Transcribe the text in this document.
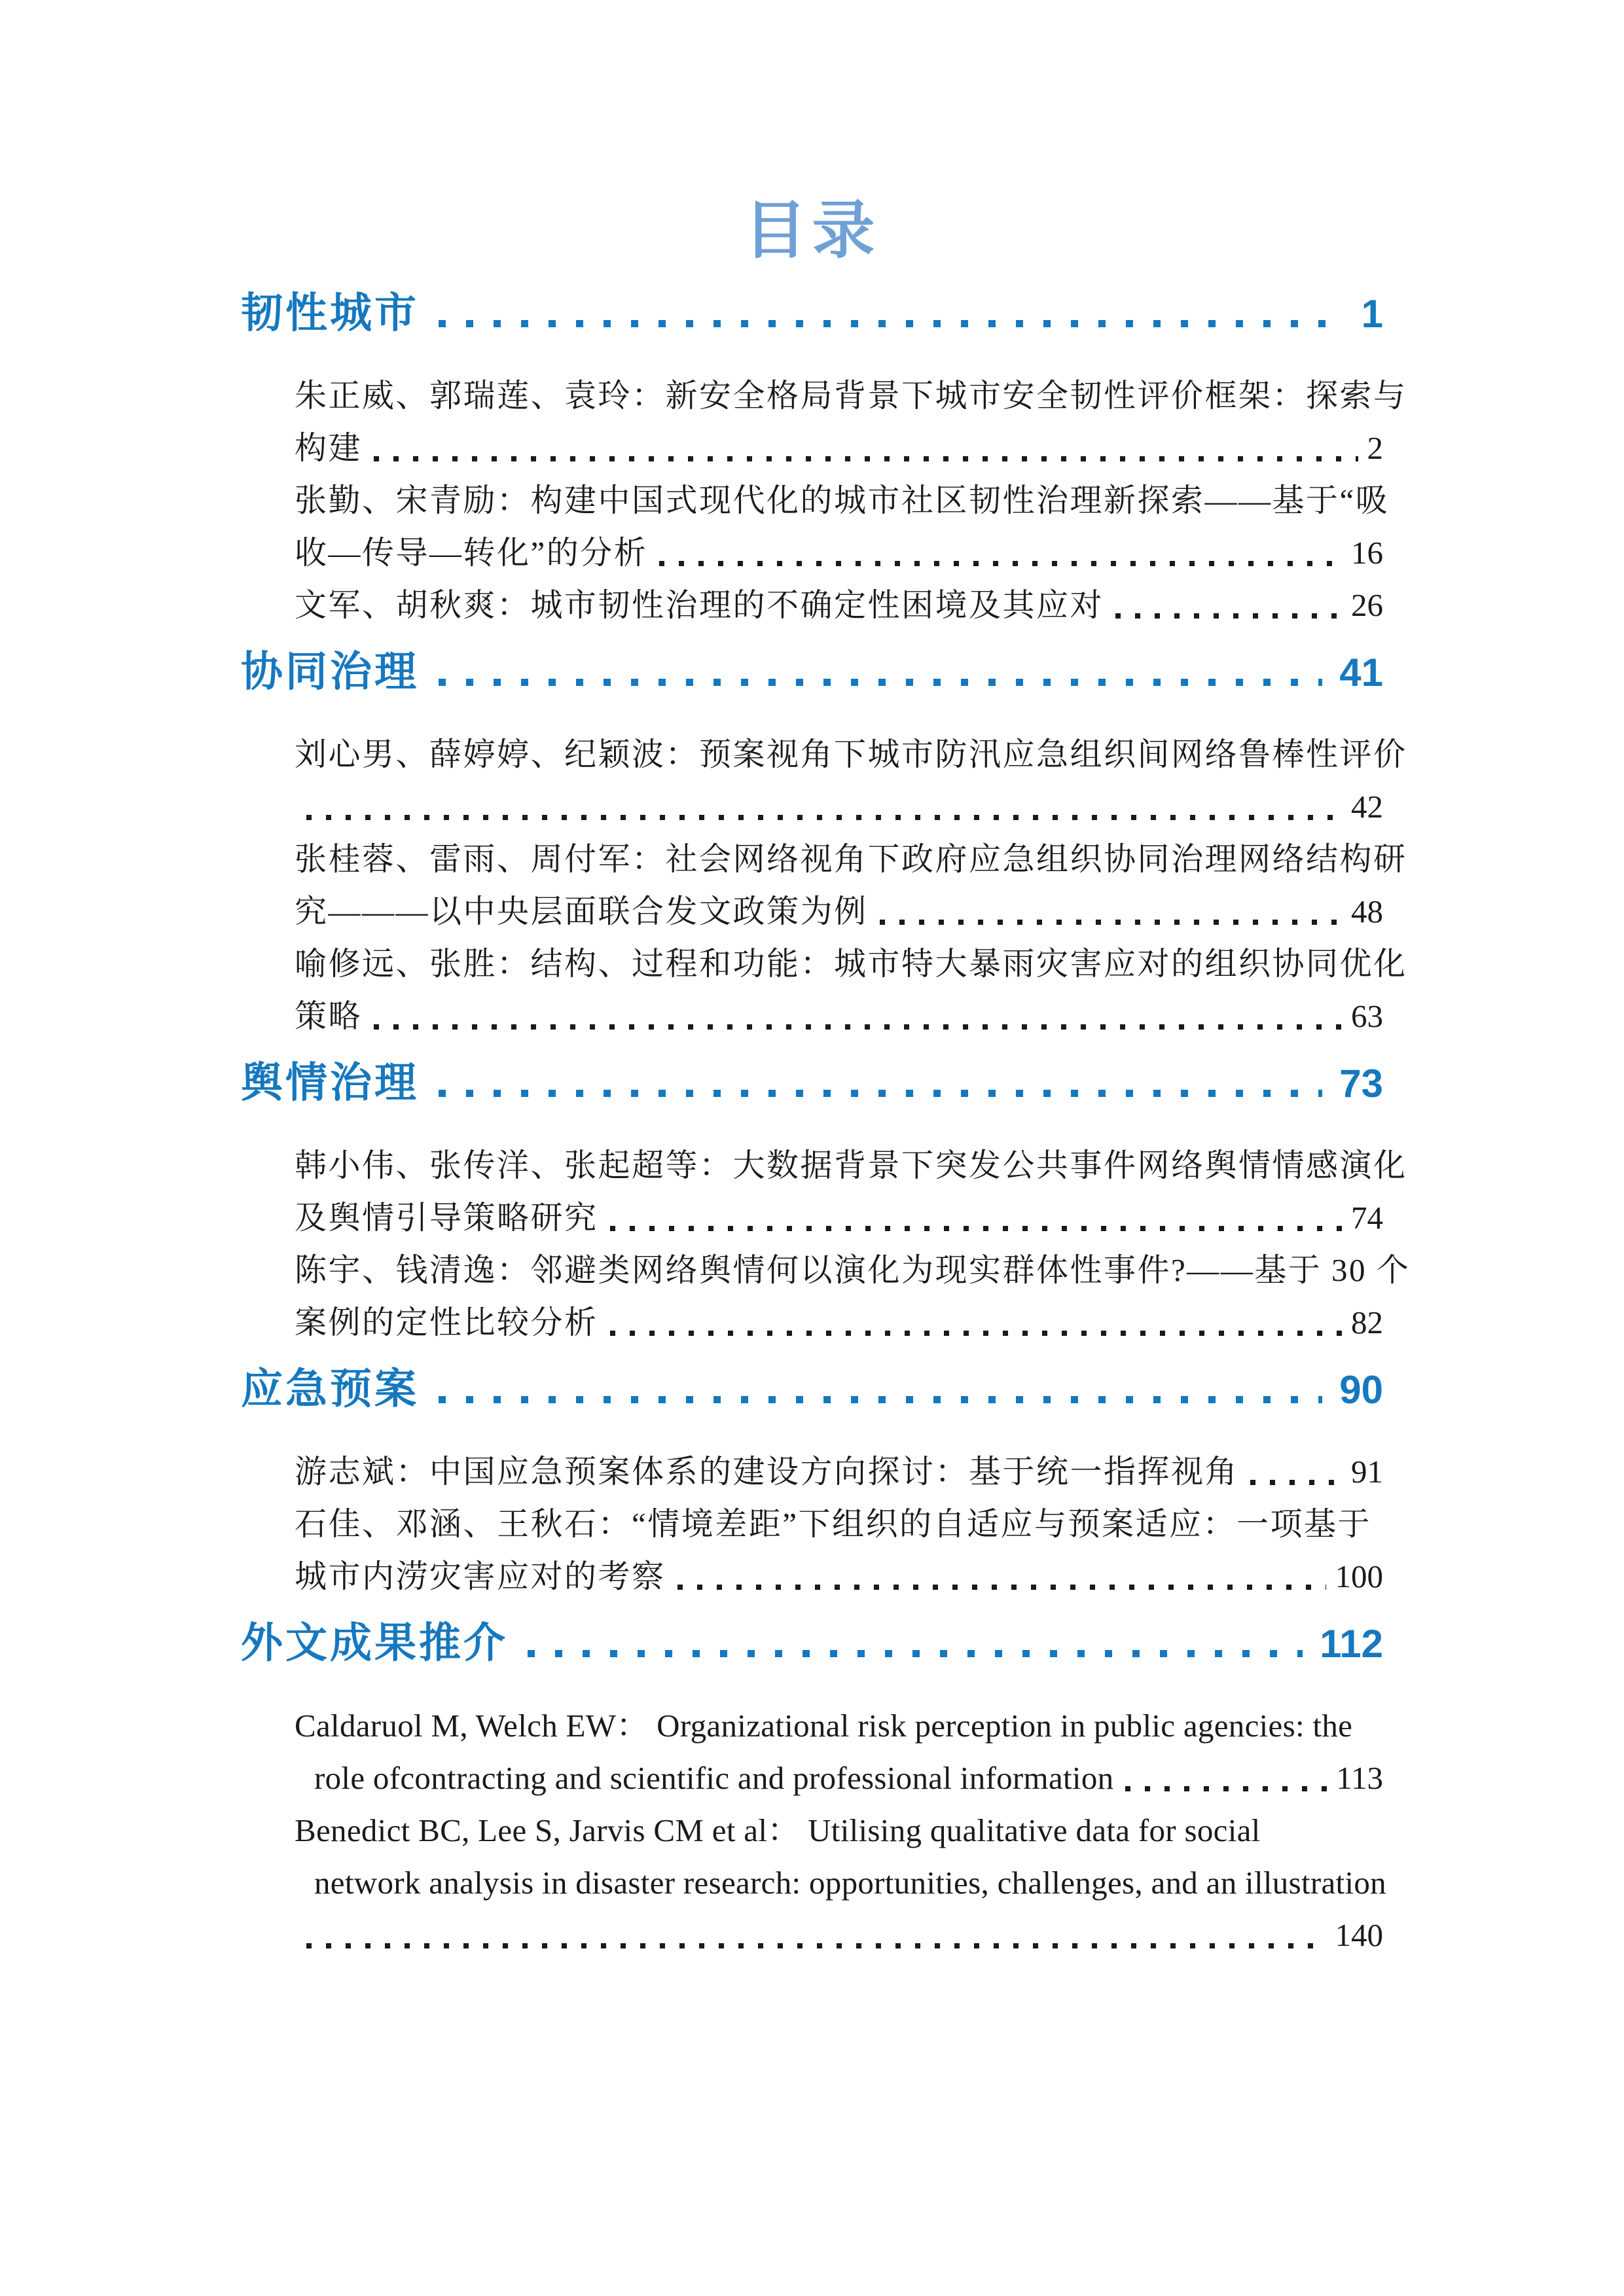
目录
韧性城市	1
朱正威、郭瑞莲、袁玲：新安全格局背景下城市安全韧性评价框架：探索与
构建	2
张勤、宋青励：构建中国式现代化的城市社区韧性治理新探索——基于“吸
收—传导—转化”的分析	16
文军、胡秋爽：城市韧性治理的不确定性困境及其应对	26
协同治理	41
刘心男、薛婷婷、纪颖波：预案视角下城市防汛应急组织间网络鲁棒性评价
42
张桂蓉、雷雨、周付军：社会网络视角下政府应急组织协同治理网络结构研
究———以中央层面联合发文政策为例	48
喻修远、张胜：结构、过程和功能：城市特大暴雨灾害应对的组织协同优化
策略	63
舆情治理	73
韩小伟、张传洋、张起超等：大数据背景下突发公共事件网络舆情情感演化
及舆情引导策略研究	74
陈宇、钱清逸：邻避类网络舆情何以演化为现实群体性事件?——基于 30 个
案例的定性比较分析	82
应急预案	90
游志斌：中国应急预案体系的建设方向探讨：基于统一指挥视角	91
石佳、邓涵、王秋石：“情境差距”下组织的自适应与预案适应：一项基于
城市内涝灾害应对的考察	100
外文成果推介	112
Caldaruol M, Welch EW： Organizational risk perception in public agencies: the
role ofcontracting and scientific and professional information	113
Benedict BC, Lee S, Jarvis CM et al： Utilising qualitative data for social
network analysis in disaster research: opportunities, challenges, and an illustration
140
